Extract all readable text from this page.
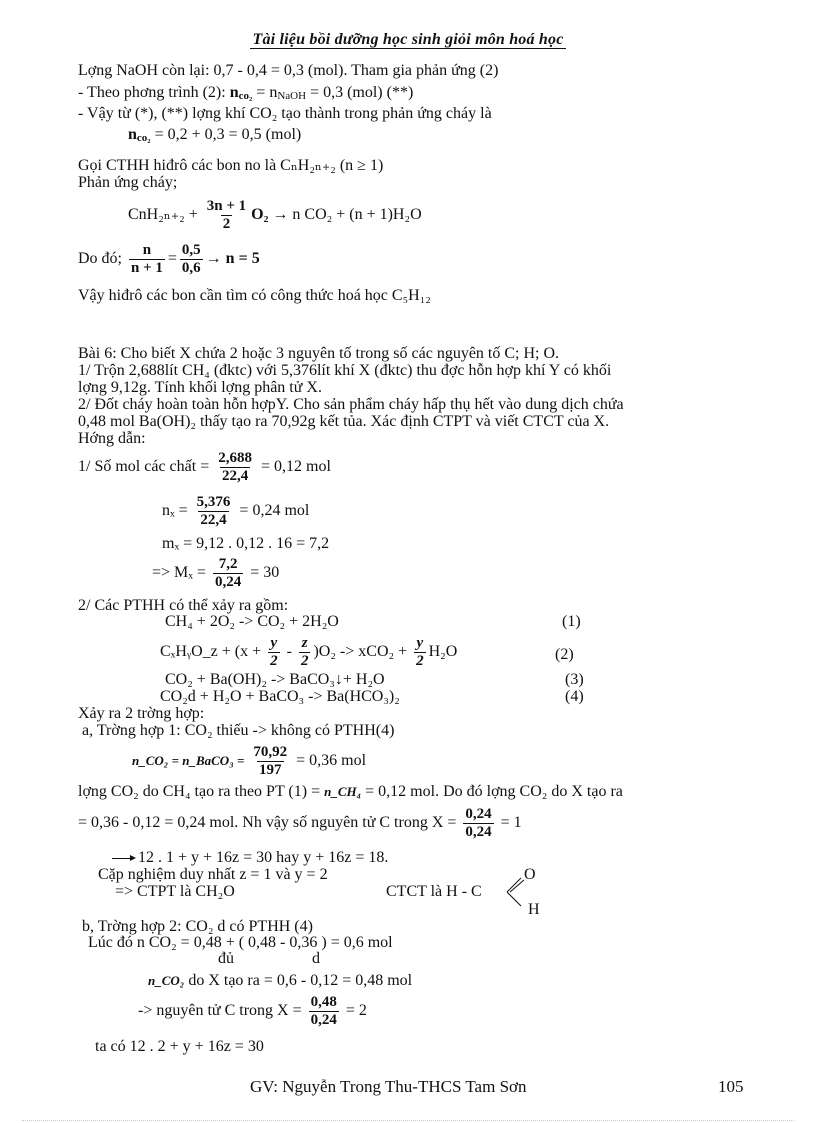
Tài liệu bồi dưỡng học sinh giỏi môn hoá học
Lợng NaOH còn lại: 0,7 - 0,4 = 0,3 (mol). Tham gia phản ứng (2)
- Theo phơng trình (2): $n_{co_2} = n_{NaOH} = 0,3$ (mol) (**)
- Vậy từ (*), (**) lợng khí CO₂ tạo thành trong phản ứng cháy là
$n_{co_2} = 0,2 + 0,3 = 0,5$ (mol)
Gọi CTHH hiđrô các bon no là CₙH₂ₙ₊₂ (n ≥ 1)
Phản ứng cháy;
$CnH_{2n+2} + \frac{3n + 1}{2} O_2 \to n$ CO₂ + (n + 1)H₂O
Do đó; $\frac{n}{n + 1} = \frac{0,5}{0,6} \to n = 5$
Vậy hiđrô các bon cần tìm có công thức hoá học C₅H₁₂
Bài 6: Cho biết X chứa 2 hoặc 3 nguyên tố trong số các nguyên tố C; H; O.
1/ Trộn 2,688lít CH₄ (đktc) với 5,376lít khí X (đktc) thu đợc hỗn hợp khí Y có khối
lợng 9,12g. Tính khối lợng phân tử X.
2/ Đốt cháy hoàn toàn hỗn hợpY. Cho sản phẩm cháy hấp thụ hết vào dung dịch chứa
0,48 mol Ba(OH)₂ thấy tạo ra 70,92g kết tủa. Xác định CTPT và viết CTCT của X.
Hớng dẫn:
1/ Số mol các chất = $\frac{2,688}{22,4} = 0,12$ mol
$n_x = \frac{5,376}{22,4} = 0,24$ mol
mₓ = 9,12 . 0,12 . 16 = 7,2
=> $M_x = \frac{7,2}{0,24} = 30$
2/ Các PTHH có thể xảy ra gồm:
CH₄ + 2O₂ -> CO₂ + 2H₂O	(1)
CₓHᵧO_z + $(x + \frac{y}{2} - \frac{z}{2} )O_2 -> xCO_2 + \frac{y}{2} H_2O$	(2)
CO₂ + Ba(OH)₂ -> BaCO₃↓+ H₂O	(3)
CO₂d + H₂O + BaCO₃ -> Ba(HCO₃)₂	(4)
Xảy ra 2 trờng hợp:
a, Trờng hợp 1: CO₂ thiếu -> không có PTHH(4)
n_CO₂ = n_BaCO₃ = $\frac{70,92}{197} = 0,36$ mol
lợng CO₂ do CH₄ tạo ra theo PT (1) = n_CH₄ = 0,12 mol. Do đó lợng CO₂ do X tạo ra
= 0,36 - 0,12 = 0,24 mol. Nh vậy số nguyên tử C trong $X = \frac{0,24}{0,24} = 1$
12 . 1 + y + 16z = 30 hay y + 16z = 18.
Cặp nghiệm duy nhất z = 1 và y = 2
=> CTPT là CH₂O	CTCT là H - C
O
H
b, Trờng hợp 2: CO₂ d có PTHH (4)
Lúc đó n CO₂ = 0,48 + ( 0,48 - 0,36 ) = 0,6 mol
đủ	d
n_CO₂ do X tạo ra = 0,6 - 0,12 = 0,48 mol
-> nguyên tử C trong $X = \frac{0,48}{0,24} = 2$
ta có 12 . 2 + y + 16z = 30
GV: Nguyễn Trong Thu-THCS Tam Sơn	105
